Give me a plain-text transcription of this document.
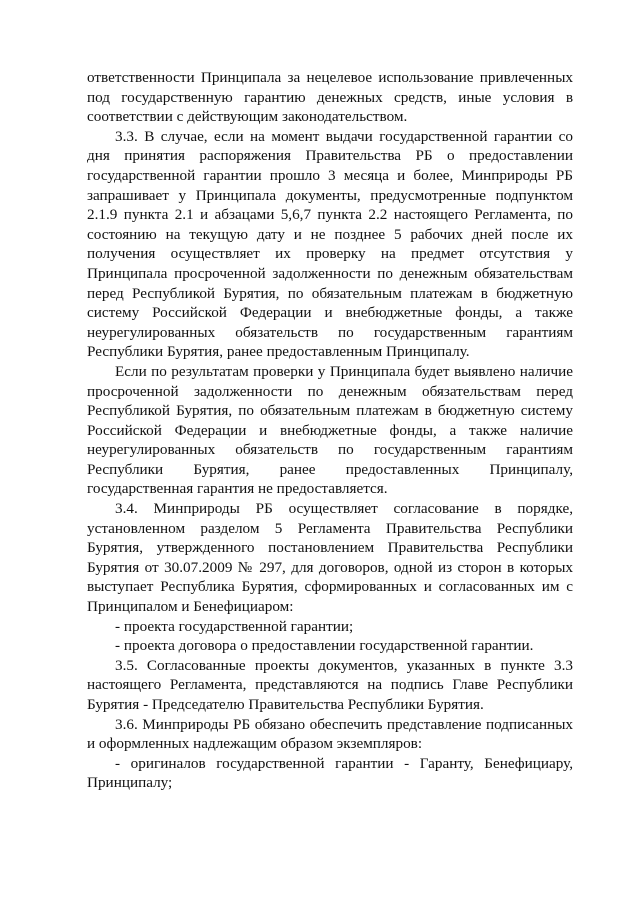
ответственности Принципала за нецелевое использование привлеченных под государственную гарантию денежных средств, иные условия в соответствии с действующим законодательством.

3.3. В случае, если на момент выдачи государственной гарантии со дня принятия распоряжения Правительства РБ о предоставлении государственной гарантии прошло 3 месяца и более, Минприроды РБ запрашивает у Принципала документы, предусмотренные подпунктом 2.1.9 пункта 2.1 и абзацами 5,6,7 пункта 2.2 настоящего Регламента, по состоянию на текущую дату и не позднее 5 рабочих дней после их получения осуществляет их проверку на предмет отсутствия у Принципала просроченной задолженности по денежным обязательствам перед Республикой Бурятия, по обязательным платежам в бюджетную систему Российской Федерации и внебюджетные фонды, а также неурегулированных обязательств по государственным гарантиям Республики Бурятия, ранее предоставленным Принципалу.

Если по результатам проверки у Принципала будет выявлено наличие просроченной задолженности по денежным обязательствам перед Республикой Бурятия, по обязательным платежам в бюджетную систему Российской Федерации и внебюджетные фонды, а также наличие неурегулированных обязательств по государственным гарантиям Республики Бурятия, ранее предоставленных Принципалу, государственная гарантия не предоставляется.

3.4. Минприроды РБ осуществляет согласование в порядке, установленном разделом 5 Регламента Правительства Республики Бурятия, утвержденного постановлением Правительства Республики Бурятия от 30.07.2009 № 297, для договоров, одной из сторон в которых выступает Республика Бурятия, сформированных и согласованных им с Принципалом и Бенефициаром:

- проекта государственной гарантии;

- проекта договора о предоставлении государственной гарантии.

3.5. Согласованные проекты документов, указанных в пункте 3.3 настоящего Регламента, представляются на подпись Главе Республики Бурятия - Председателю Правительства Республики Бурятия.

3.6. Минприроды РБ обязано обеспечить представление подписанных и оформленных надлежащим образом экземпляров:

- оригиналов государственной гарантии - Гаранту, Бенефициару, Принципалу;
